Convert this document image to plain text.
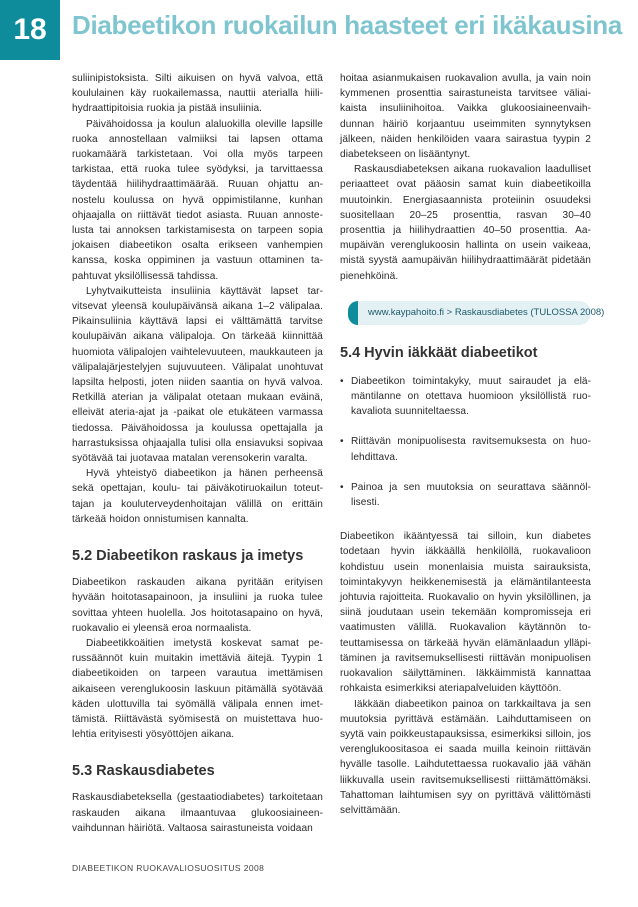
18 Diabeetikon ruokailun haasteet eri ikäkausina

suliinipistoksista. Silti aikuisen on hyvä valvoa, että koululainen käy ruokailemassa, nauttii aterialla hiilihydraattipitoisia ruokia ja pistää insuliinia.

Päivähoidossa ja koulun alaluokilla oleville lapsille ruoka annostellaan valmiiksi tai lapsen ottama ruokamäärä tarkistetaan. Voi olla myös tarpeen tarkistaa, että ruoka tulee syödyksi, ja tarvittaessa täydentää hiilihydraattimäärää. Ruuan ohjattu annostelu koulussa on hyvä oppimistilanne, kunhan ohjaajalla on riittävät tiedot asiasta. Ruuan annostelusta tai annoksen tarkistamisesta on tarpeen sopia jokaisen diabeetikon osalta erikseen vanhempien kanssa, koska oppiminen ja vastuun ottaminen tapahtuvat yksilöllisessä tahdissa.

Lyhytvaikutteista insuliinia käyttävät lapset tarvitsevat yleensä koulupäivänsä aikana 1–2 välipalaa. Pikainsuliinia käyttävä lapsi ei välttämättä tarvitse koulupäivän aikana välipaloja. On tärkeää kiinnittää huomiota välipalojen vaihtelevuuteen, maukkauteen ja välipalajärjestelyjen sujuvuuteen. Välipalat unohtuvat lapsilta helposti, joten niiden saantia on hyvä valvoa. Retkillä aterian ja välipalat otetaan mukaan eväinä, elleivät ateria-ajat ja -paikat ole etukäteen varmassa tiedossa. Päivähoidossa ja koulussa opettajalla ja harrastuksissa ohjaajalla tulisi olla ensiavuksi sopivaa syötävää tai juotavaa matalan verensokerin varalta.

Hyvä yhteistyö diabeetikon ja hänen perheensä sekä opettajan, koulu- tai päiväkotiruokailun toteuttajan ja kouluterveydenhoitajan välillä on erittäin tärkeää hoidon onnistumisen kannalta.

5.2 Diabeetikon raskaus ja imetys

Diabeetikon raskauden aikana pyritään erityisen hyvään hoitotasapainoon, ja insuliini ja ruoka tulee sovittaa yhteen huolella. Jos hoitotasapaino on hyvä, ruokavalio ei yleensä eroa normaalista.

Diabeetikkoäitien imetystä koskevat samat perussäännöt kuin muitakin imettäviä äitejä. Tyypin 1 diabeetikoiden on tarpeen varautua imettämisen aikaiseen verenglukoosin laskuun pitämällä syötävää käden ulottuvilla tai syömällä välipala ennen imettämistä. Riittävästä syömisestä on muistettava huolehtia erityisesti yösyöttöjen aikana.

5.3 Raskausdiabetes

Raskausdiabeteksella (gestaatiodiabetes) tarkoitetaan raskauden aikana ilmaantuvaa glukoosiaineenvaihdunnan häiriötä. Valtaosa sairastuneista voidaan

hoitaa asianmukaisen ruokavalion avulla, ja vain noin kymmenen prosenttia sairastuneista tarvitsee väliaikaista insuliinihoitoa. Vaikka glukoosiaineenvaihdunnan häiriö korjaantuu useimmiten synnytyksen jälkeen, näiden henkilöiden vaara sairastua tyypin 2 diabetekseen on lisääntynyt.

Raskausdiabeteksen aikana ruokavalion laadulliset periaatteet ovat pääosin samat kuin diabeetikoilla muutoinkin. Energiasaannista proteiinin osuudeksi suositellaan 20–25 prosenttia, rasvan 30–40 prosenttia ja hiilihydraattien 40–50 prosenttia. Aamupäivän verenglukoosin hallinta on usein vaikeaa, mistä syystä aamupäivän hiilihydraattimäärät pidetään pienehköinä.

www.kaypahoito.fi > Raskausdiabetes (TULOSSA 2008)
5.4 Hyvin iäkkäät diabeetikot
• Diabeetikon toimintakyky, muut sairaudet ja elämäntilanne on otettava huomioon yksilöllistä ruokavaliota suunniteltaessa.

• Riittävän monipuolisesta ravitsemuksesta on huolehdittava.

• Painoa ja sen muutoksia on seurattava säännöllisesti.

Diabeetikon ikääntyessä tai silloin, kun diabetes todetaan hyvin iäkkäällä henkilöllä, ruokavalioon kohdistuu usein monenlaisia muista sairauksista, toimintakyvyn heikkenemisestä ja elämäntilanteesta johtuvia rajoitteita. Ruokavalio on hyvin yksilöllinen, ja siinä joudutaan usein tekemään kompromisseja eri vaatimusten välillä. Ruokavalion käytännön toteuttamisessa on tärkeää hyvän elämänlaadun ylläpitäminen ja ravitsemuksellisesti riittävän monipuolisen ruokavalion säilyttäminen. Iäkkäimmistä kannattaa rohkaista esimerkiksi ateriapalveluiden käyttöön.

Iäkkään diabeetikon painoa on tarkkailtava ja sen muutoksia pyrittävä estämään. Laihduttamiseen on syytä vain poikkeustapauksissa, esimerkiksi silloin, jos verenglukoositasoa ei saada muilla keinoin riittävän hyvälle tasolle. Laihdutettaessa ruokavalio jää vähän liikkuvalla usein ravitsemuksellisesti riittämättömäksi. Tahattoman laihtumisen syy on pyrittävä välittömästi selvittämään.

DIABEETIKON RUOKAVALIOSUOSITUS 2008
